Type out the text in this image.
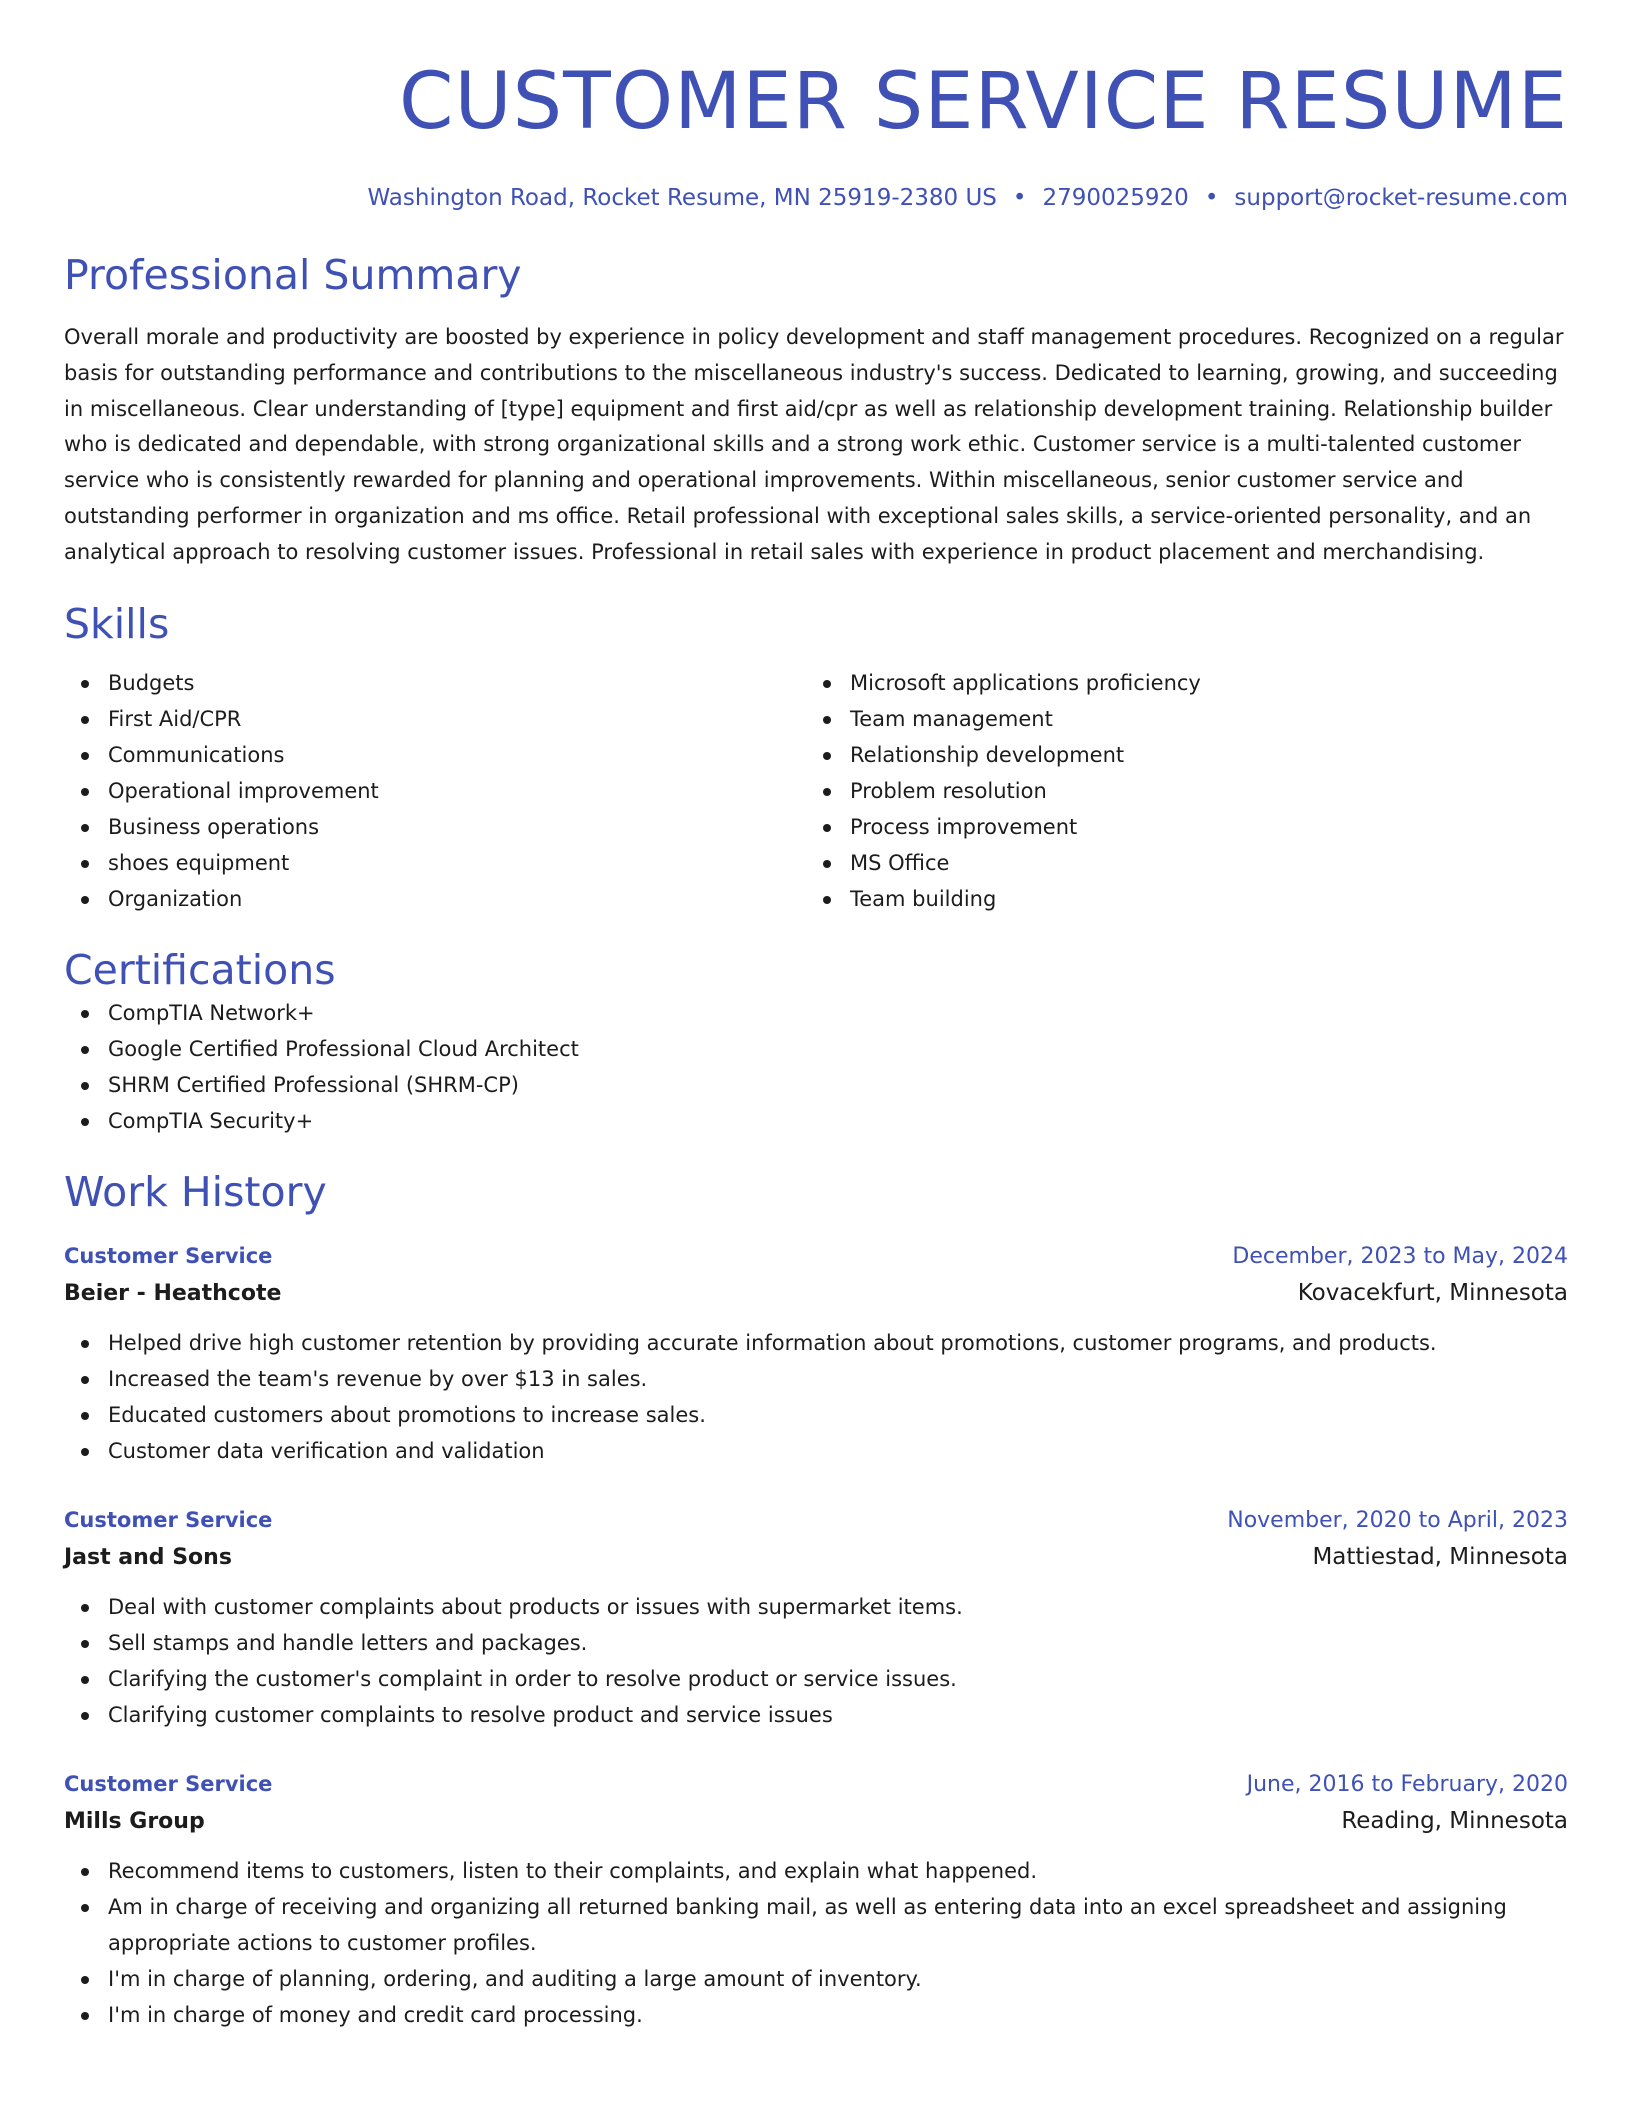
CUSTOMER SERVICE RESUME
Washington Road, Rocket Resume, MN 25919-2380 US • 2790025920 • support@rocket-resume.com
Professional Summary

Overall morale and productivity are boosted by experience in policy development and staff management procedures. Recognized on a regular basis for outstanding performance and contributions to the miscellaneous industry's success. Dedicated to learning, growing, and succeeding in miscellaneous. Clear understanding of [type] equipment and first aid/cpr as well as relationship development training. Relationship builder who is dedicated and dependable, with strong organizational skills and a strong work ethic. Customer service is a multi-talented customer service who is consistently rewarded for planning and operational improvements. Within miscellaneous, senior customer service and outstanding performer in organization and ms office. Retail professional with exceptional sales skills, a service-oriented personality, and an analytical approach to resolving customer issues. Professional in retail sales with experience in product placement and merchandising.

Skills
Budgets
First Aid/CPR
Communications
Operational improvement
Business operations
shoes equipment
Organization
Microsoft applications proficiency
Team management
Relationship development
Problem resolution
Process improvement
MS Office
Team building
Certifications
CompTIA Network+
Google Certified Professional Cloud Architect
SHRM Certified Professional (SHRM-CP)
CompTIA Security+
Work History
Customer Service	December, 2023 to May, 2024
Beier - Heathcote	Kovacekfurt, Minnesota
Helped drive high customer retention by providing accurate information about promotions, customer programs, and products.
Increased the team's revenue by over $13 in sales.
Educated customers about promotions to increase sales.
Customer data verification and validation
Customer Service	November, 2020 to April, 2023
Jast and Sons	Mattiestad, Minnesota
Deal with customer complaints about products or issues with supermarket items.
Sell stamps and handle letters and packages.
Clarifying the customer's complaint in order to resolve product or service issues.
Clarifying customer complaints to resolve product and service issues
Customer Service	June, 2016 to February, 2020
Mills Group	Reading, Minnesota
Recommend items to customers, listen to their complaints, and explain what happened.
Am in charge of receiving and organizing all returned banking mail, as well as entering data into an excel spreadsheet and assigning appropriate actions to customer profiles.
I'm in charge of planning, ordering, and auditing a large amount of inventory.
I'm in charge of money and credit card processing.
